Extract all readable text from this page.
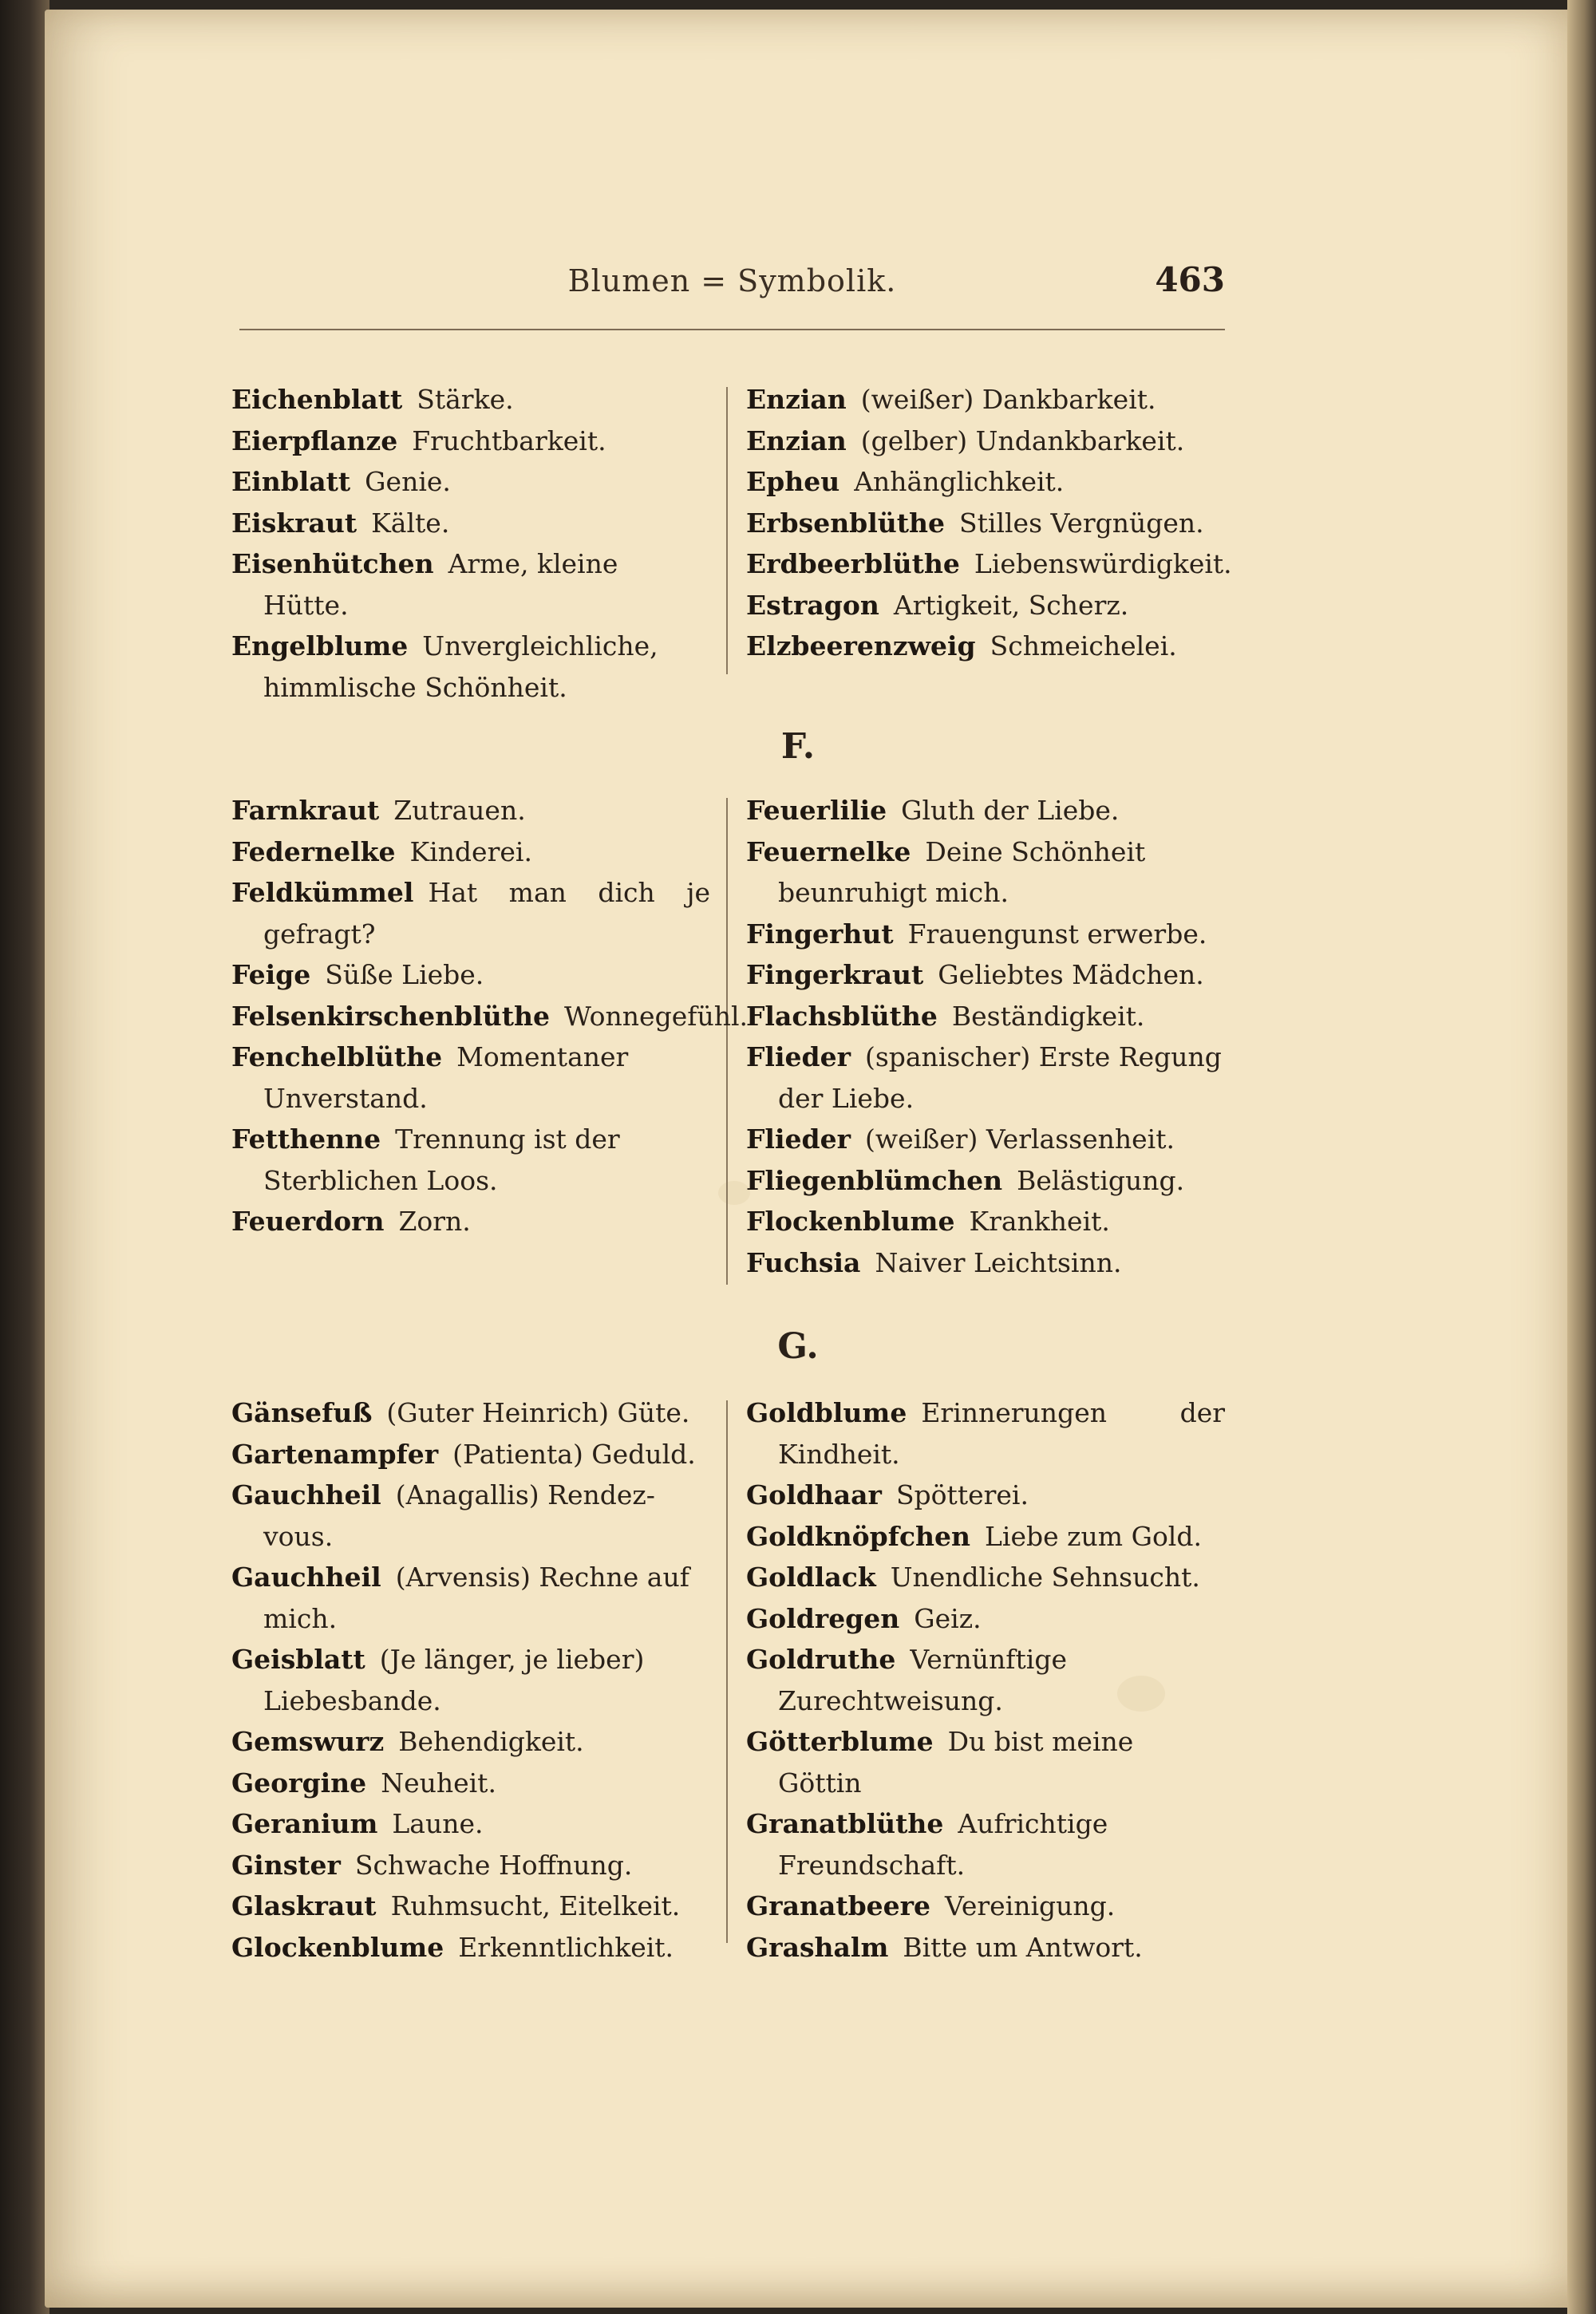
Blumen = Symbolik.	463
Eichenblatt Stärke.
Eierpflanze Fruchtbarkeit.
Einblatt Genie.
Eiskraut Kälte.
Eisenhütchen Arme, kleine Hütte.
Engelblume Unvergleichliche, himmlische Schönheit.
Enzian (weißer) Dankbarkeit.
Enzian (gelber) Undankbarkeit.
Epheu Anhänglichkeit.
Erbsenblüthe Stilles Vergnügen.
Erdbeerblüthe Liebenswürdigkeit.
Estragon Artigkeit, Scherz.
Elzbeerenzweig Schmeichelei.
F.
Farnkraut Zutrauen.
Federnelke Kinderei.
Feldkümmel Hat man dich je gefragt?
Feige Süße Liebe.
Felsenkirschenblüthe Wonnegefühl.
Fenchelblüthe Momentaner Unverstand.
Fetthenne Trennung ist der Sterblichen Loos.
Feuerdorn Zorn.
Feuerlilie Gluth der Liebe.
Feuernelke Deine Schönheit beunruhigt mich.
Fingerhut Frauengunst erwerbe.
Fingerkraut Geliebtes Mädchen.
Flachsblüthe Beständigkeit.
Flieder (spanischer) Erste Regung der Liebe.
Flieder (weißer) Verlassenheit.
Fliegenblümchen Belästigung.
Flockenblume Krankheit.
Fuchsia Naiver Leichtsinn.
G.
Gänsefuß (Guter Heinrich) Güte.
Gartenampfer (Patienta) Geduld.
Gauchheil (Anagallis) Rendez-vous.
Gauchheil (Arvensis) Rechne auf mich.
Geisblatt (Je länger, je lieber) Liebesbande.
Gemswurz Behendigkeit.
Georgine Neuheit.
Geranium Laune.
Ginster Schwache Hoffnung.
Glaskraut Ruhmsucht, Eitelkeit.
Glockenblume Erkenntlichkeit.
Goldblume Erinnerungen der Kindheit.
Goldhaar Spötterei.
Goldknöpfchen Liebe zum Gold.
Goldlack Unendliche Sehnsucht.
Goldregen Geiz.
Goldruthe Vernünftige Zurechtweisung.
Götterblume Du bist meine Göttin
Granatblüthe Aufrichtige Freundschaft.
Granatbeere Vereinigung.
Grashalm Bitte um Antwort.
